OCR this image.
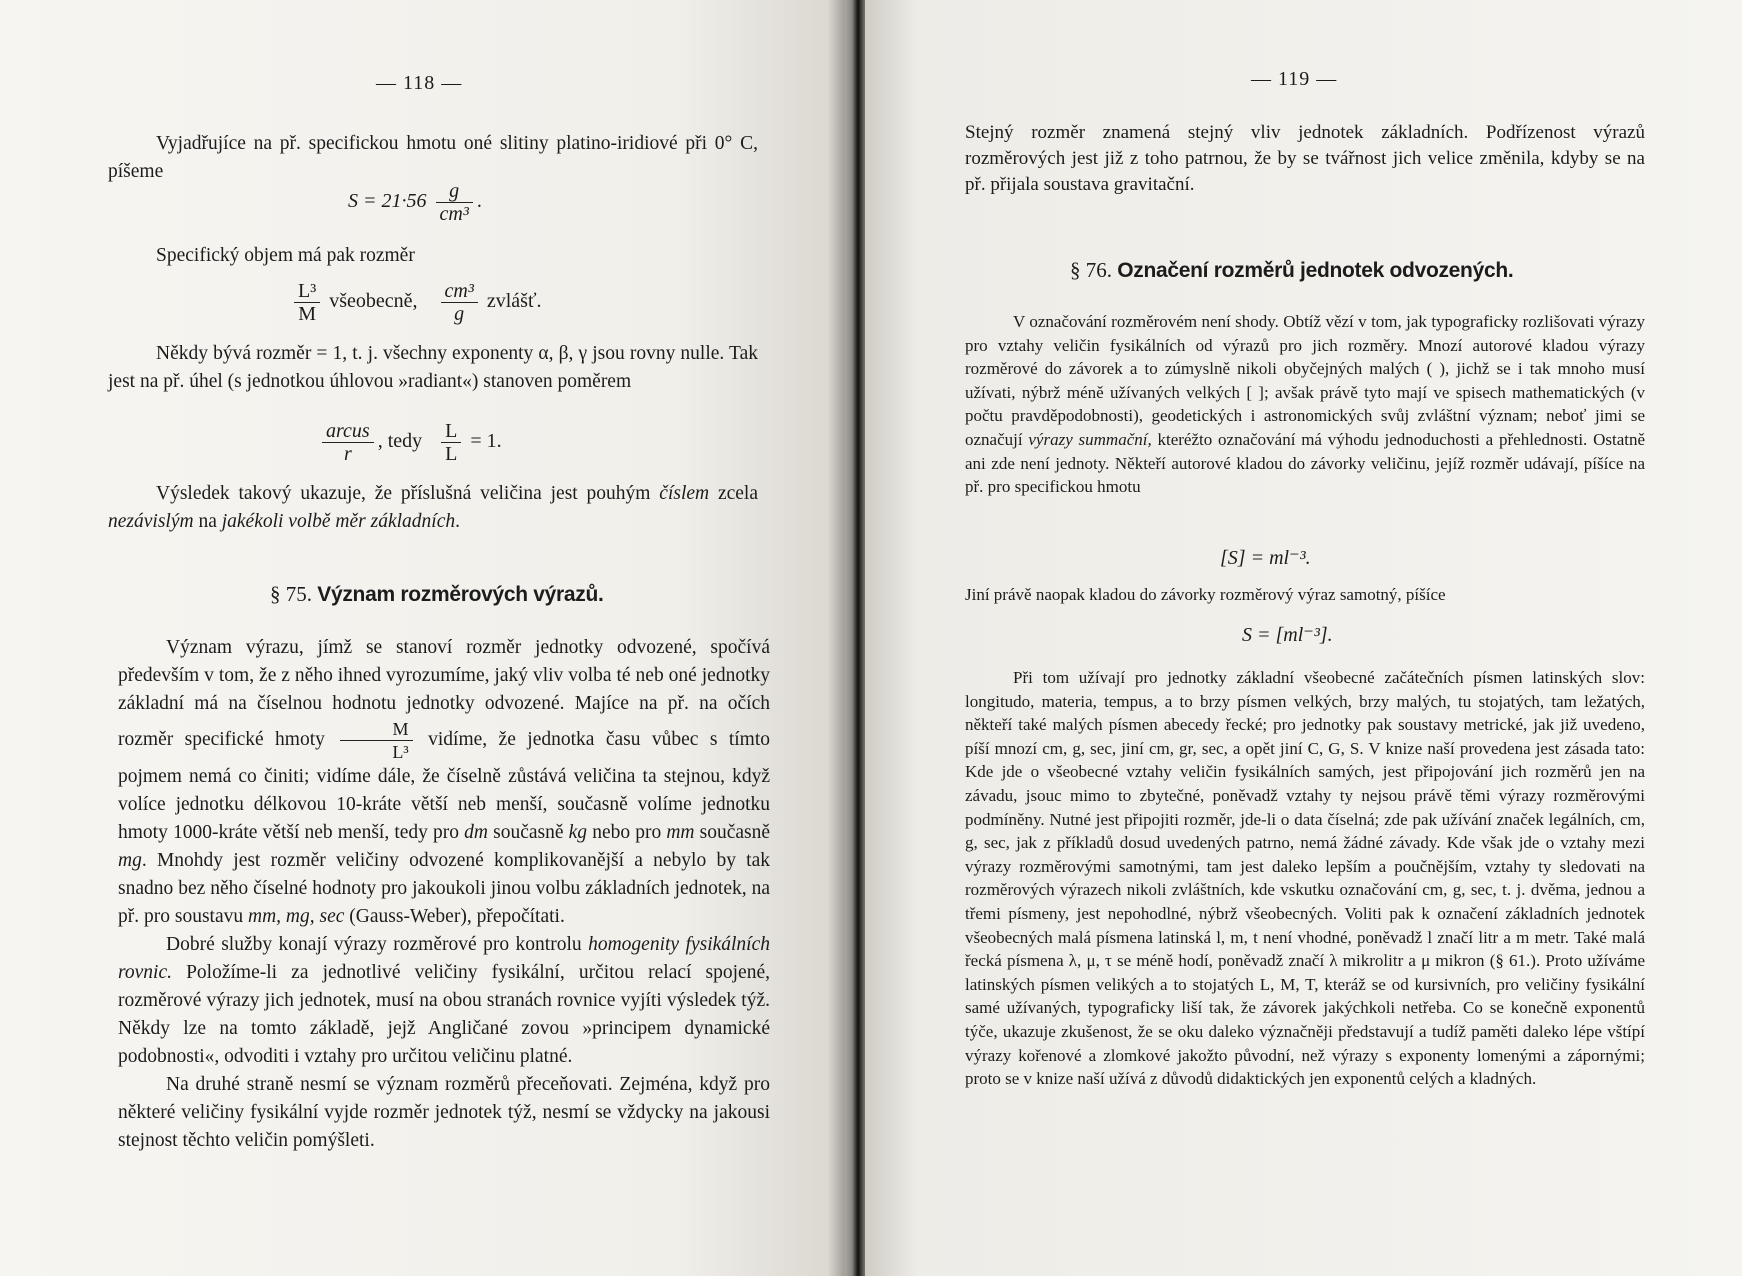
— 118 —

Vyjadřujíce na př. specifickou hmotu oné slitiny platino-iridiové při 0° C, píšeme

$S = 21\cdot 56 \frac{g}{\text{cm³}}$ .

Specifický objem má pak rozměr

$\frac{\text{L³}}{M}$ všeobecně, $\frac{\text{cm³}}{g}$ zvlášť.

Někdy bývá rozměr = 1, t. j. všechny exponenty α, β, γ jsou rovny nulle. Tak jest na př. úhel (s jednotkou úhlovou »radiant«) stanoven poměrem

$\frac{\text{arcus}}{r}$ , tedy $\frac{L}{L} = 1$.

Výsledek takový ukazuje, že příslušná veličina jest pouhým číslem zcela nezávislým na jakékoli volbě měr základních.

§ 75. Význam rozměrových výrazů.

Význam výrazu, jímž se stanoví rozměr jednotky odvozené, spočívá především v tom, že z něho ihned vyrozumíme, jaký vliv volba té neb oné jednotky základní má na číselnou hodnotu jednotky odvozené. Majíce na př. na očích rozměr specifické hmoty $\frac{M}{\text{L³}}$ vidíme, že jednotka času vůbec s tímto pojmem nemá co činiti; vidíme dále, že číselně zůstává veličina ta stejnou, když volíce jednotku délkovou 10-kráte větší neb menší, současně volíme jednotku hmoty 1000-kráte větší neb menší, tedy pro dm současně kg nebo pro mm současně mg. Mnohdy jest rozměr veličiny odvozené komplikovanější a nebylo by tak snadno bez něho číselné hodnoty pro jakoukoli jinou volbu základních jednotek, na př. pro soustavu mm, mg, sec (Gauss-Weber), přepočítati.

Dobré služby konají výrazy rozměrové pro kontrolu homogenity fysikálních rovnic. Položíme-li za jednotlivé veličiny fysikální, určitou relací spojené, rozměrové výrazy jich jednotek, musí na obou stranách rovnice vyjíti výsledek týž. Někdy lze na tomto základě, jejž Angličané zovou »principem dynamické podobnosti«, odvoditi i vztahy pro určitou veličinu platné.

Na druhé straně nesmí se význam rozměrů přeceňovati. Zejména, když pro některé veličiny fysikální vyjde rozměr jednotek týž, nesmí se vždycky na jakousi stejnost těchto veličin pomýšleti.

— 119 —

Stejný rozměr znamená stejný vliv jednotek základních. Podřízenost výrazů rozměrových jest již z toho patrnou, že by se tvářnost jich velice změnila, kdyby se na př. přijala soustava gravitační.

§ 76. Označení rozměrů jednotek odvozených.

V označování rozměrovém není shody. Obtíž vězí v tom, jak typograficky rozlišovati výrazy pro vztahy veličin fysikálních od výrazů pro jich rozměry. Mnozí autorové kladou výrazy rozměrové do závorek a to zúmyslně nikoli obyčejných malých ( ), jichž se i tak mnoho musí užívati, nýbrž méně užívaných velkých [ ]; avšak právě tyto mají ve spisech mathematických (v počtu pravděpodobnosti), geodetických i astronomických svůj zvláštní význam; neboť jimi se označují výrazy summační, kteréžto označování má výhodu jednoduchosti a přehlednosti. Ostatně ani zde není jednoty. Někteří autorové kladou do závorky veličinu, jejíž rozměr udávají, píšíce na př. pro specifickou hmotu

[S] = ml⁻³.

Jiní právě naopak kladou do závorky rozměrový výraz samotný, píšíce

S = [ml⁻³].

Při tom užívají pro jednotky základní všeobecné začátečních písmen latinských slov: longitudo, materia, tempus, a to brzy písmen velkých, brzy malých, tu stojatých, tam ležatých, někteří také malých písmen abecedy řecké; pro jednotky pak soustavy metrické, jak již uvedeno, píší mnozí cm, g, sec, jiní cm, gr, sec, a opět jiní C, G, S. V knize naší provedena jest zásada tato: Kde jde o všeobecné vztahy veličin fysikálních samých, jest připojování jich rozměrů jen na závadu, jsouc mimo to zbytečné, poněvadž vztahy ty nejsou právě těmi výrazy rozměrovými podmíněny. Nutné jest připojiti rozměr, jde-li o data číselná; zde pak užívání značek legálních, cm, g, sec, jak z příkladů dosud uvedených patrno, nemá žádné závady. Kde však jde o vztahy mezi výrazy rozměrovými samotnými, tam jest daleko lepším a poučnějším, vztahy ty sledovati na rozměrových výrazech nikoli zvláštních, kde vskutku označování cm, g, sec, t. j. dvěma, jednou a třemi písmeny, jest nepohodlné, nýbrž všeobecných. Voliti pak k označení základních jednotek všeobecných malá písmena latinská l, m, t není vhodné, poněvadž l značí litr a m metr. Také malá řecká písmena λ, μ, τ se méně hodí, poněvadž značí λ mikrolitr a μ mikron (§ 61.). Proto užíváme latinských písmen velikých a to stojatých L, M, T, kteráž se od kursivních, pro veličiny fysikální samé užívaných, typograficky liší tak, že závorek jakýchkoli netřeba. Co se konečně exponentů týče, ukazuje zkušenost, že se oku daleko význačněji představují a tudíž paměti daleko lépe vštípí výrazy kořenové a zlomkové jakožto původní, než výrazy s exponenty lomenými a zápornými; proto se v knize naší užívá z důvodů didaktických jen exponentů celých a kladných.
